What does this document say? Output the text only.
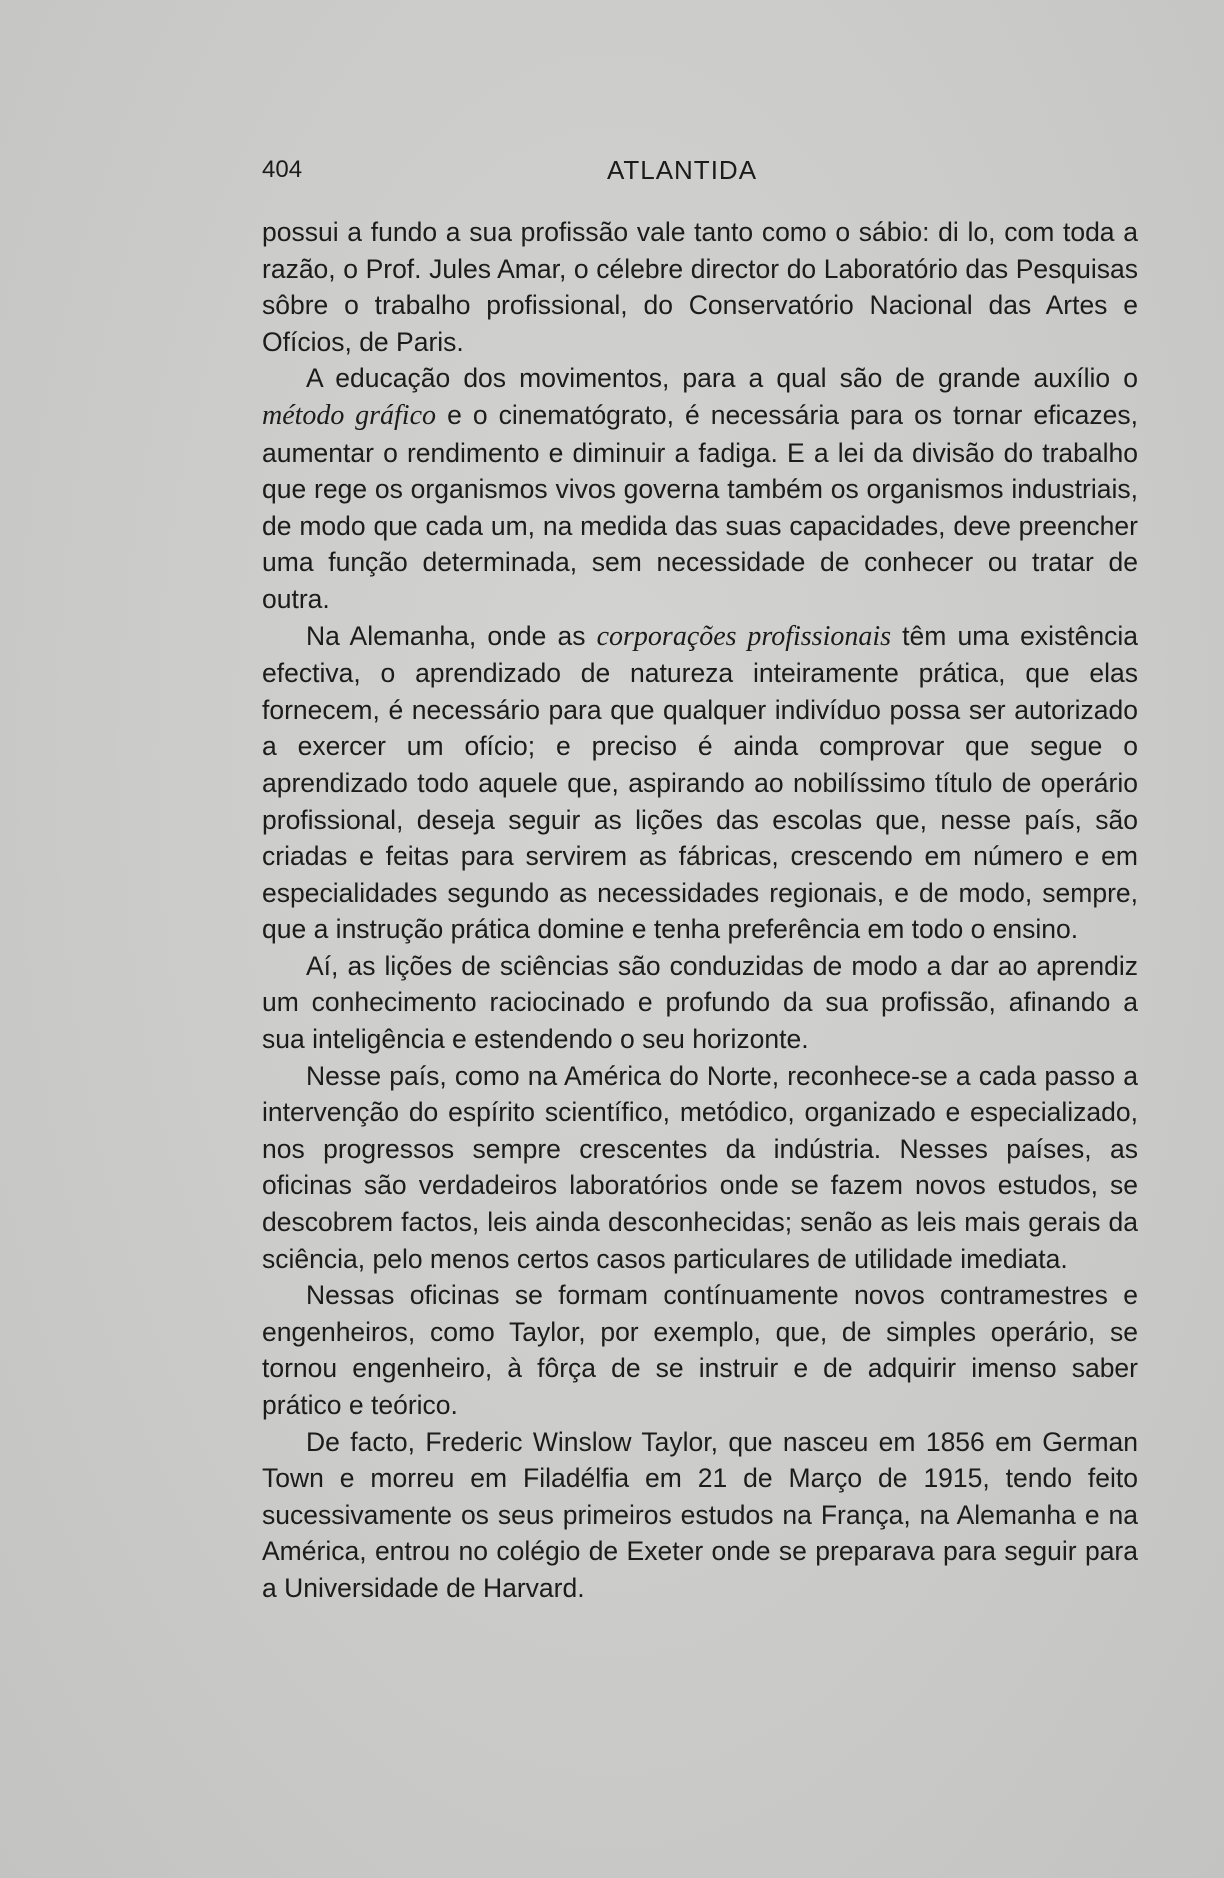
404	ATLANTIDA

possui a fundo a sua profissão vale tanto como o sábio: di lo, com toda a razão, o Prof. Jules Amar, o célebre director do Laboratório das Pesquisas sôbre o trabalho profissional, do Conservatório Nacional das Artes e Ofícios, de Paris.

A educação dos movimentos, para a qual são de grande auxílio o método gráfico e o cinematógrato, é necessária para os tornar eficazes, aumentar o rendimento e diminuir a fadiga. E a lei da divisão do trabalho que rege os organismos vivos governa também os organismos industriais, de modo que cada um, na medida das suas capacidades, deve preencher uma função determinada, sem necessidade de conhecer ou tratar de outra.

Na Alemanha, onde as corporações profissionais têm uma existência efectiva, o aprendizado de natureza inteiramente prática, que elas fornecem, é necessário para que qualquer indivíduo possa ser autorizado a exercer um ofício; e preciso é ainda comprovar que segue o aprendizado todo aquele que, aspirando ao nobilíssimo título de operário profissional, deseja seguir as lições das escolas que, nesse país, são criadas e feitas para servirem as fábricas, crescendo em número e em especialidades segundo as necessidades regionais, e de modo, sempre, que a instrução prática domine e tenha preferência em todo o ensino.

Aí, as lições de sciências são conduzidas de modo a dar ao aprendiz um conhecimento raciocinado e profundo da sua profissão, afinando a sua inteligência e estendendo o seu horizonte.

Nesse país, como na América do Norte, reconhece-se a cada passo a intervenção do espírito scientífico, metódico, organizado e especializado, nos progressos sempre crescentes da indústria. Nesses países, as oficinas são verdadeiros laboratórios onde se fazem novos estudos, se descobrem factos, leis ainda desconhecidas; senão as leis mais gerais da sciência, pelo menos certos casos particulares de utilidade imediata.

Nessas oficinas se formam contínuamente novos contramestres e engenheiros, como Taylor, por exemplo, que, de simples operário, se tornou engenheiro, à fôrça de se instruir e de adquirir imenso saber prático e teórico.

De facto, Frederic Winslow Taylor, que nasceu em 1856 em German Town e morreu em Filadélfia em 21 de Março de 1915, tendo feito sucessivamente os seus primeiros estudos na França, na Alemanha e na América, entrou no colégio de Exeter onde se preparava para seguir para a Universidade de Harvard.
